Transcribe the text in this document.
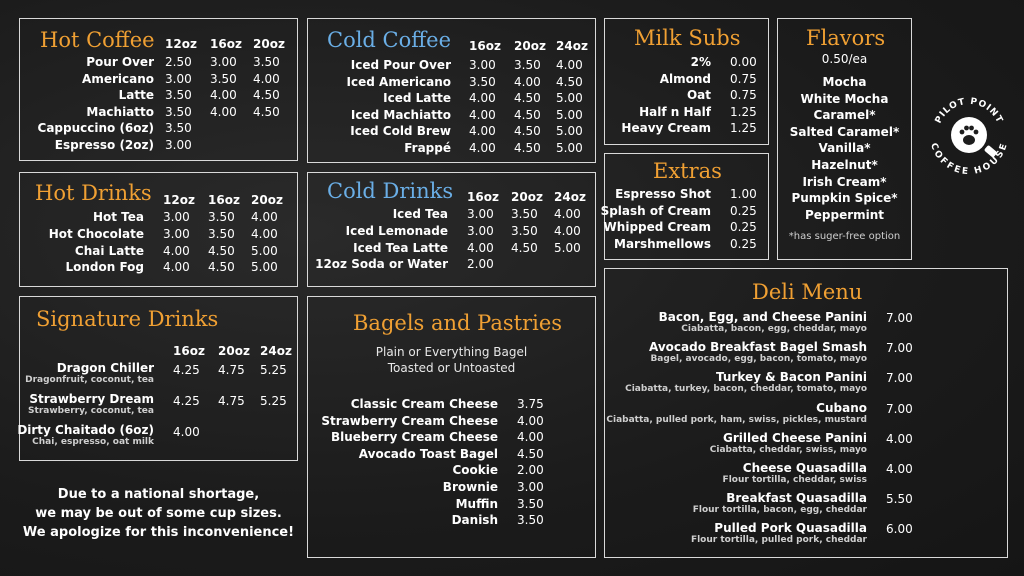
Hot Coffee 12oz 16oz 20oz
Pour Over 2.50 3.00 3.50
Americano 3.00 3.50 4.00
Latte 3.50 4.00 4.50
Machiatto 3.50 4.00 4.50
Cappuccino (6oz) 3.50
Espresso (2oz) 3.00
Cold Coffee 16oz 20oz 24oz
Iced Pour Over 3.00 3.50 4.00
Iced Americano 3.50 4.00 4.50
Iced Latte 4.00 4.50 5.00
Iced Machiatto 4.00 4.50 5.00
Iced Cold Brew 4.00 4.50 5.00
Frappé 4.00 4.50 5.00
Milk Subs
2% 0.00
Almond 0.75
Oat 0.75
Half n Half 1.25
Heavy Cream 1.25
Flavors
0.50/ea
Mocha
White Mocha
Caramel*
Salted Caramel*
Vanilla*
Hazelnut*
Irish Cream*
Pumpkin Spice*
Peppermint
*has suger-free option
PILOT POINT
COFFEE HOUSE
Extras
Espresso Shot 1.00
Splash of Cream 0.25
Whipped Cream 0.25
Marshmellows 0.25
Hot Drinks 12oz 16oz 20oz
Hot Tea 3.00 3.50 4.00
Hot Chocolate 3.00 3.50 4.00
Chai Latte 4.00 4.50 5.00
London Fog 4.00 4.50 5.00
Cold Drinks 16oz 20oz 24oz
Iced Tea 3.00 3.50 4.00
Iced Lemonade 3.00 3.50 4.00
Iced Tea Latte 4.00 4.50 5.00
12oz Soda or Water 2.00
Signature Drinks
16oz 20oz 24oz
Dragon Chiller
Dragonfruit, coconut, tea
4.25 4.75 5.25
Strawberry Dream
Strawberry, coconut, tea
4.25 4.75 5.25
Dirty Chaitado (6oz)
Chai, espresso, oat milk
4.00
Due to a national shortage,
we may be out of some cup sizes.
We apologize for this inconvenience!
Bagels and Pastries
Plain or Everything Bagel
Toasted or Untoasted
Classic Cream Cheese 3.75
Strawberry Cream Cheese 4.00
Blueberry Cream Cheese 4.00
Avocado Toast Bagel 4.50
Cookie 2.00
Brownie 3.00
Muffin 3.50
Danish 3.50
Deli Menu
Bacon, Egg, and Cheese Panini
Ciabatta, bacon, egg, cheddar, mayo
7.00
Avocado Breakfast Bagel Smash
Bagel, avocado, egg, bacon, tomato, mayo
7.00
Turkey & Bacon Panini
Ciabatta, turkey, bacon, cheddar, tomato, mayo
7.00
Cubano
Ciabatta, pulled pork, ham, swiss, pickles, mustard
7.00
Grilled Cheese Panini
Ciabatta, cheddar, swiss, mayo
4.00
Cheese Quasadilla
Flour tortilla, cheddar, swiss
4.00
Breakfast Quasadilla
Flour tortilla, bacon, egg, cheddar
5.50
Pulled Pork Quasadilla
Flour tortilla, pulled pork, cheddar
6.00
